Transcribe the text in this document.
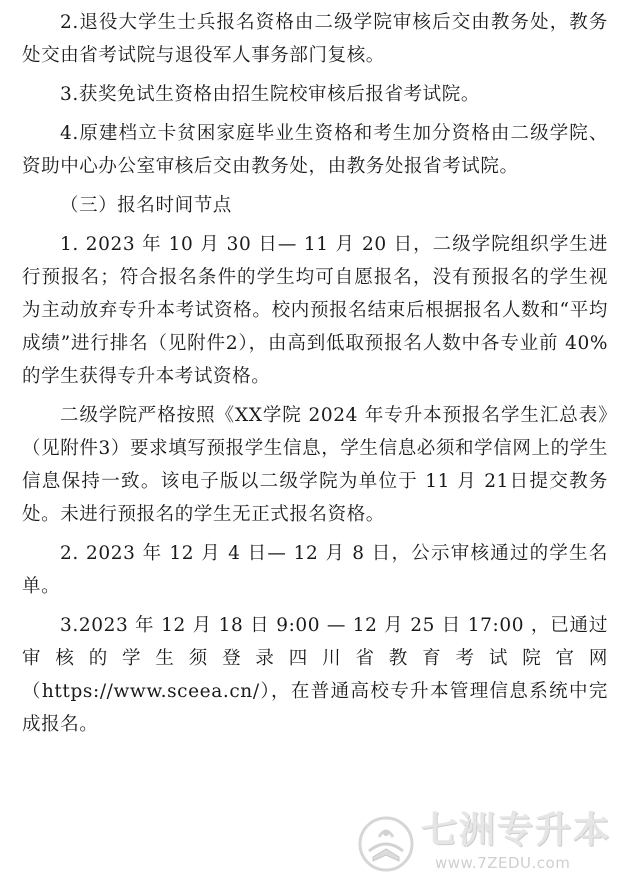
2.退役大学生士兵报名资格由二级学院审核后交由教务处，教务处交由省考试院与退役军人事务部门复核。

3.获奖免试生资格由招生院校审核后报省考试院。

4.原建档立卡贫困家庭毕业生资格和考生加分资格由二级学院、资助中心办公室审核后交由教务处，由教务处报省考试院。

（三）报名时间节点

1. 2023 年 10 月 30 日— 11 月 20 日，二级学院组织学生进行预报名；符合报名条件的学生均可自愿报名，没有预报名的学生视为主动放弃专升本考试资格。校内预报名结束后根据报名人数和“平均成绩”进行排名（见附件2），由高到低取预报名人数中各专业前 40% 的学生获得专升本考试资格。

二级学院严格按照《XX学院 2024 年专升本预报名学生汇总表》（见附件3）要求填写预报学生信息，学生信息必须和学信网上的学生信息保持一致。该电子版以二级学院为单位于 11 月 21日提交教务处。未进行预报名的学生无正式报名资格。

2. 2023 年 12 月 4 日— 12 月 8 日，公示审核通过的学生名单。

3.2023 年 12 月 18 日 9:00 — 12 月 25 日 17:00 ，已通过审核的学生须登录四川省教育考试院官网（https://www.sceea.cn/），在普通高校专升本管理信息系统中完成报名。

七洲专升本
www.7ZEDU.com
